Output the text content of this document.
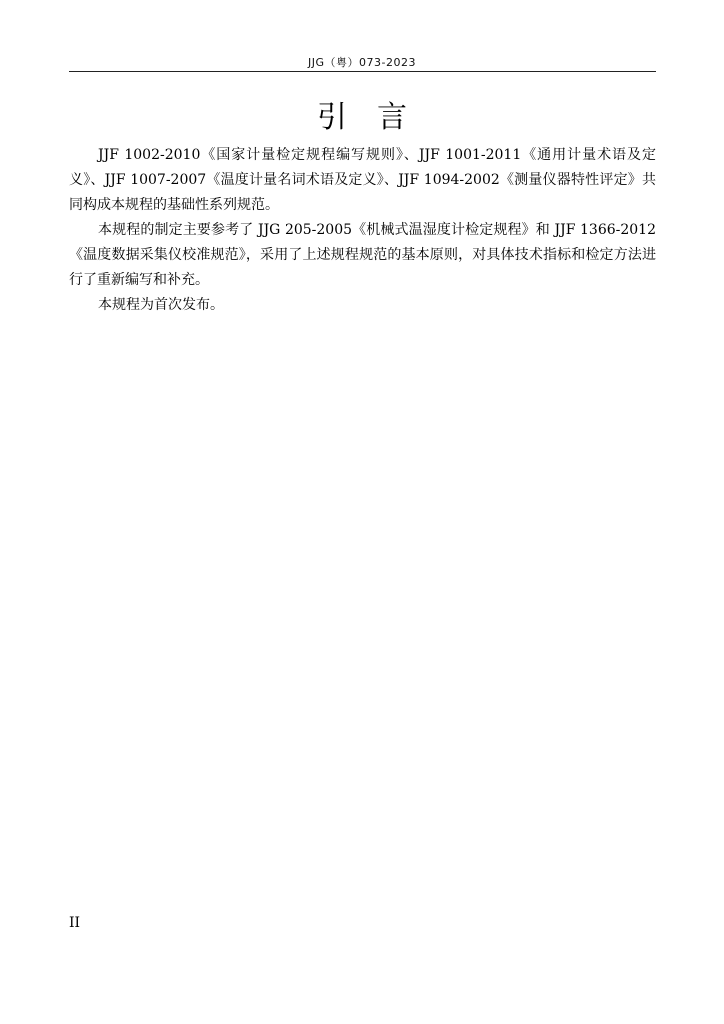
JJG（粤）073-2023
引言

JJF 1002-2010《国家计量检定规程编写规则》、JJF 1001-2011《通用计量术语及定义》、JJF 1007-2007《温度计量名词术语及定义》、JJF 1094-2002《测量仪器特性评定》共同构成本规程的基础性系列规范。

本规程的制定主要参考了 JJG 205-2005《机械式温湿度计检定规程》和 JJF 1366-2012《温度数据采集仪校准规范》，采用了上述规程规范的基本原则，对具体技术指标和检定方法进行了重新编写和补充。

本规程为首次发布。

II
